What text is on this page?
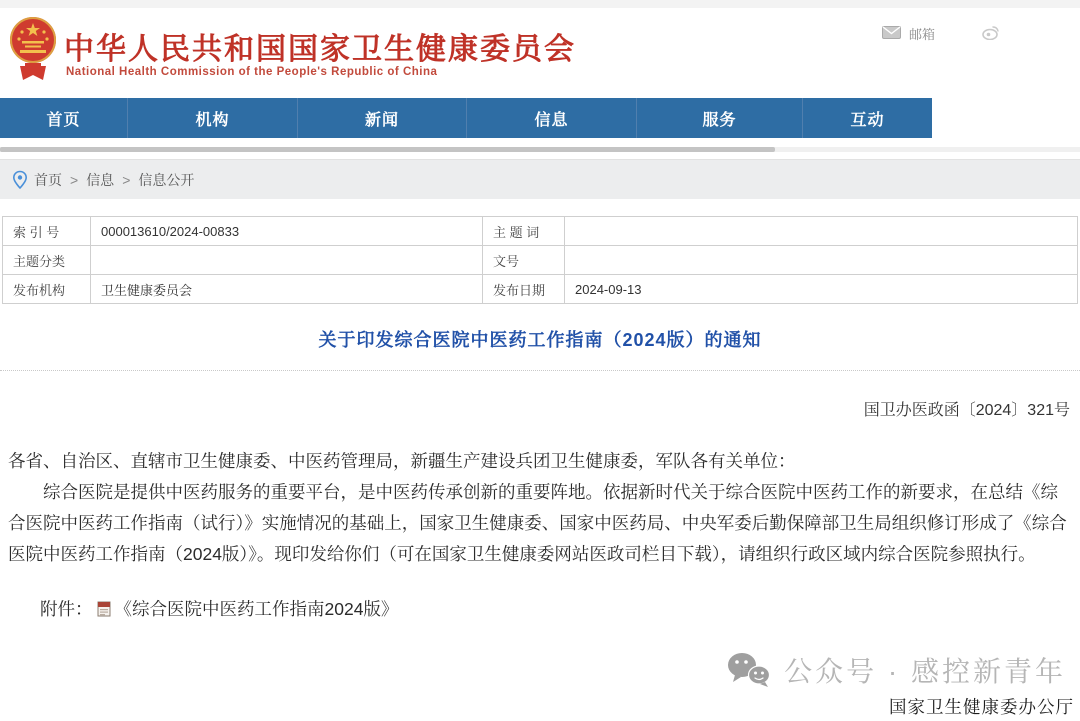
中华人民共和国国家卫生健康委员会
National Health Commission of the People's Republic of China
邮箱
首页	机构	新闻	信息	服务	互动
首页 > 信息 > 信息公开
索 引 号	000013610/2024-00833	主 题 词	
主题分类		文号	
发布机构	卫生健康委员会	发布日期	2024-09-13
关于印发综合医院中医药工作指南（2024版）的通知
国卫办医政函〔2024〕321号

各省、自治区、直辖市卫生健康委、中医药管理局，新疆生产建设兵团卫生健康委，军队各有关单位：

综合医院是提供中医药服务的重要平台，是中医药传承创新的重要阵地。依据新时代关于综合医院中医药工作的新要求，在总结《综合医院中医药工作指南（试行）》实施情况的基础上，国家卫生健康委、国家中医药局、中央军委后勤保障部卫生局组织修订形成了《综合医院中医药工作指南（2024版）》。现印发给你们（可在国家卫生健康委网站医政司栏目下载），请组织行政区域内综合医院参照执行。

附件： 《综合医院中医药工作指南2024版》
公众号 · 感控新青年
国家卫生健康委办公厅
